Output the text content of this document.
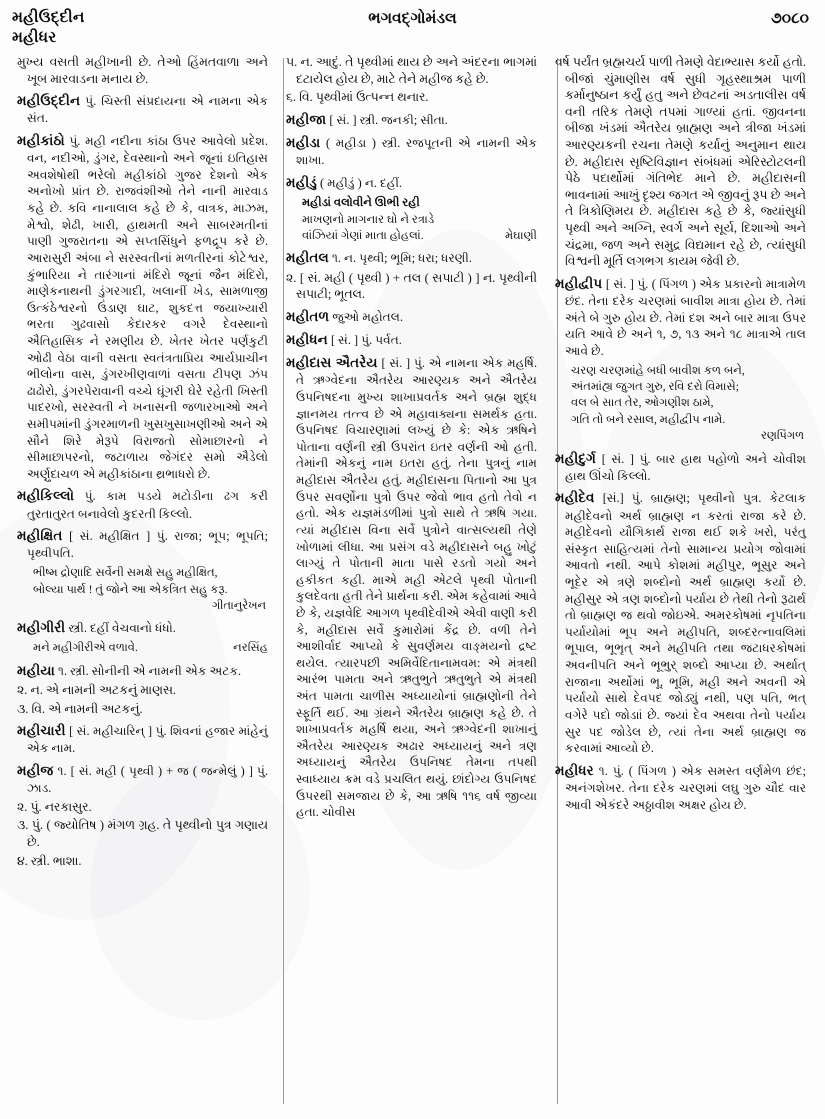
મહીઉદ્દીન
મહીધર
ભગવદ્ગોમંડલ	૭૦૮૦

મુખ્ય વસતી મહીખાની છે. તેઓ હિંમતવાળા અને ખૂબ મારવાડના મનાય છે.

મહીઉદ્દીન પું. ચિસ્તી સંપ્રદાયના એ નામના એક સંત.

મહીકાંઠો પું. મહી નદીના કાંઠા ઉપર આવેલો પ્રદેશ. વન, નદીઓ, ડુંગર, દેવસ્થાનો અને જૂનાં ઇતિહાસ અવશેષોથી ભરેલો મહીકાંઠો ગુજર દેશનો એક અનોખો પ્રાંત છે. રાજવંશીઓ તેને નાની મારવાડ કહે છે. કવિ નાનાલાલ કહે છે કે, વાત્રક, માઝમ, મેશ્વો, શેઢી, ખારી, હાથમતી અને સાબરમતીનાં પાણી ગુજરાતના એ સપ્તસિંધુને ફળદ્રૂપ કરે છે. આરાસુરી અંબા ને સરસ્વતીનાં મળતીરનાં કોટેશ્વર, કુંભારિયા ને તારંગાનાં મંદિરો જૂનાં જૈન મંદિરો, માણેકનાથની ડુંગરગાદી, ખલાનીં ખેડ, સામળાજી ઉત્કંઠેશ્વરનો ઉંડાણ ઘાટ, શુકદત્ત જયાખ્યારી ભરતા ગુઢવાસો કેદારકર વગરે દેવસ્થાનો ઐતિહાસિક ને રમણીય છે. ખેતર ખેતર પર્ણકુટી ઓઢી વેઠા વાની વસતા સ્વતંત્રતાપ્રિય આર્યપ્રાચીન ભીલોના વાસ, ડુંગરખીણવાળાં વસતા ટીપણ ઝંપ ઢાઢોરો, ડુંગરપેરાવાની વચ્ચે ઘૂંગરી ઘેરે રહેતી ખિસ્તી પાદરખો, સરસ્વતી ને ખનાસની જળારખાઓ અને સમીપમાંની ડુંગરમાળની ખુસખુસાખણીઓ અને એ સૌને શિરે મેરૂપે વિરાજતો સોમાછારનો ને સીમાછાપરનો, જટાળાય જેગંદર સમો ઐડેલો અર્ણુદાચળ એ મહીકાંઠાના થ્રભાધરો છે.

મહીકિલ્લો પું. કામ પડયે મટોડીના ઢગ કરી તુરતાતુરત બનાવેલો કુદરતી કિલ્લો.

મહીક્ષિત [ સં. મહીક્ષિત ] પું. રાજા; ભૂપ; ભૂપતિ; પૃથ્વીપતિ.

ભીષ્મ દ્રોણાદિ સર્વેની સમક્ષે સહુ મહીક્ષિત,
બોલ્યા પાર્થ ! તું જોને આ એકત્રિત સહુ કરૂ.
ગીતાનુરેખન

મહીગીરી સ્ત્રી. દહીં વેચવાનો ધંધો.

મને મહીગીરીએ વળાવે.	નરસિંહ

મહીયા ૧. સ્ત્રી. સોનીની એ નામની એક અટક.

૨. ન. એ નામની અટકનું માણસ.

૩. વિ. એ નામની અટકનું.

મહીચારી [ સં. મહીચારિન્ ] પું. શિવનાં હજાર માંહેનું એક નામ.

મહીજ ૧. [ સં. મહી ( પૃથ્વી ) + જ ( જન્મેલું ) ] પું. ઝાડ.

૨. પું. નરકાસુર.

૩. પું. ( જ્યોતિષ ) મંગળ ગ્રહ. તે પૃથ્વીનો પુત્ર ગણાય છે.

૪. સ્ત્રી. ભાશા.

૫. ન. આદું. તે પૃથ્વીમાં થાય છે અને અંદરના ભાગમાં દટાયેલ હોય છે, માટે તેને મહીજ કહે છે.

૬. વિ. પૃથ્વીમાં ઉત્પન્ન થનાર.

મહીજા [ સં. ] સ્ત્રી. જનકી; સીતા.

મહીડા ( મહીડા ) સ્ત્રી. રજપૂતની એ નામની એક શાખા.

મહીડું ( મહીડું ) ન. દહીં.

મહીડાં વલોવીને ઊભી રહી
માખણનો માગનાર ઘો ને રત્રાડે
વાંઝિયાં ગેણાં માતા હોહલાં.	મેઘાણી

મહીતલ ૧. ન. પૃથ્વી; ભૂમિ; ધરા; ધરણી.

૨. [ સં. મહી ( પૃથ્વી ) + તલ ( સપાટી ) ] ન. પૃથ્વીની સપાટી; ભૂતલ.

મહીતળ જુઓ મહોતલ.

મહીધન [ સં. ] પું. પર્વત.

મહીદાસ ઐતરેય [ સં. ] પું. એ નામના એક મહર્ષિ. તે ઋગ્વેદના ઐતરેય આરણ્યક અને ઐતરેય ઉપનિષદના મુખ્ય શાખાપ્રવર્તક અને બ્રહ્મ શુદ્ધ જ્ઞાનમય તત્ત્વ છે એ મહાવાક્યના સમર્થક હતા. ઉપનિષદ વિચારણામાં લખ્યું છે કે: એક ઋષિને પોતાના વર્ણની સ્ત્રી ઉપરાંત ઇતર વર્ણની ઓ હતી. તેમાંની એકનું નામ ઇતરા હતું. તેના પુત્રનું નામ મહીદાસ ઐતરેય હતું. મહીદાસના પિતાનો આ પુત્ર ઉપર સવર્ણોના પુત્રો ઉપર જેવો ભાવ હતો તેવો ન હતો. એક યજ્ઞમંડળીમાં પુત્રો સાથે તે ઋષિ ગયા. ત્યાં મહીદાસ વિના સર્વે પુત્રોને વાત્સલ્યથી તેણે ખોળામાં લીધા. આ પ્રસંગ વડે મહીદાસને બહુ ખોટું લાગ્યું તે પોતાની માતા પાસે રડતો ગયો અને હકીકત કહી. માએ મહી એટલે પૃથ્વી પોતાની કુલદેવતા હતી તેને પ્રાર્થના કરી. એમ કહેવામાં આવે છે કે, યજ્ઞવેદિ આગળ પૃથ્વીદેવીએ એવી વાણી કરી કે, મહીદાસ સર્વે કુમારોમાં કેંદ્ર છે. વળી તેને આશીર્વાદ આપ્યો કે સુવર્ણમય વાઙ્મયનો દ્રષ્ટ થયેલ. ત્યારપછી અમિર્વેદિતાનામવમ: એ મંત્રથી આરંભ પામતા અને ઋતુભુતે ઋતુભુતે એ મંત્રથી અંત પામતા ચાળીસ અધ્યાયોનાં બ્રાહ્મણોની તેને સ્ફૂર્તિ થઈ. આ ગ્રંથને ઐતરેય બ્રાહ્મણ કહે છે. તે શાખાપ્રવર્તક મહર્ષિ થયા, અને ઋગ્વેદની શાખાનું ઐતરેય આરણ્યક અઢાર અધ્યાયનું અને ત્રણ અધ્યાયનું ઐતરેય ઉપનિષદ તેમના તપથી સ્વાધ્યાય ક્રમ વડે પ્રચલિત થયું. છાંદોગ્ય ઉપનિષદ ઉપરથી સમજાય છે કે, આ ઋષિ ૧૧૬ વર્ષ જીવ્યા હતા. ચોવીસ

વર્ષ પર્યંત બ્રહ્મચર્ય પાળી તેમણે વેદાભ્યાસ કર્યો હતો. બીજાં ચુંમાણીસ વર્ષ સુધી ગૃહસ્થાશ્રમ પાળી કર્માનુષ્ઠાન કર્યું હતુ અને છેવટનાં અડતાલીસ વર્ષ વની તરિક તેમણે તપમાં ગાળ્યાં હતાં. જીવનના બીજા ખંડમાં ઐતરેય બ્રાહ્મણ અને ત્રીજા ખંડમાં આરણ્યકની રચના તેમણે કર્યાનું અનુમાન થાય છે. મહીદાસ સૃષ્ટિવિજ્ઞાન સંબંધમાં એરિસ્ટોટલની પેઠે પદાર્થોમાં ગંતિભેદ માને છે. મહીદાસની ભાવનામાં આખું દૃશ્ય જગત એ જીવનું રૂપ છે અને તે ત્રિકોણિમય છે. મહીદાસ કહે છે કે, જ્યાંસુધી પૃથ્વી અને અગ્નિ, સ્વર્ગ અને સૂર્ય, દિશાઓ અને ચંદ્રમા, જળ અને સમુદ્ર વિદ્યમાન રહે છે, ત્યાંસુધી વિશ્વની મૂર્તિ લગભગ કાયમ જેવી છે.

મહીદ્વીપ [ સં. ] પું. ( પિંગળ ) એક પ્રકારનો માત્રામેળ છંદ. તેના દરેક ચરણમાં બાવીશ માત્રા હોય છે. તેમાં અંતે બે ગુરુ હોય છે. તેમાં દશ અને બાર માત્રા ઉપર યતિ આવે છે અને ૧, ૭, ૧૩ અને ૧૮ માત્રાએ તાલ આવે છે.

ચરણ ચરણમાંહે બધી બાવીશ કળ બને,
અંતમાંહ્ય જુગત ગુરુ, રવિ દરો વિમાસે;
વલ બે સાત તેર, ઓગણીશ ઠામે,
ગતિ તો બને રસાલ, મહીદ્વીપ નામે.
રણપિંગળ

મહીદુર્ગ [ સં. ] પું. બાર હાથ પહોળો અને ચોવીશ હાથ ઊંચો કિલ્લો.

મહીદેવ [સં.] પું. બ્રાહ્મણ; પૃથ્વીનો પુત્ર. કેટલાક મહીદેવનો અર્થ બ્રાહ્મણ ન કરતાં રાજા કરે છે. મહીદેવનો યૌગિકાર્થ રાજા થઈ શકે ખરો, પરંતુ સંસ્કૃત સાહિત્યમાં તેનો સામાન્ય પ્રયોગ જોવામાં આવતો નથી. આપે કોશમાં મહીપુર, ભૂસુર અને ભૂદેર એ ત્રણે શબ્દોનો અર્થ બ્રાહ્મણ કર્યો છે. મહીસુર એ ત્રણ શબ્દોનો પર્યાય છે તેથી તેનો રૂઢાર્થ તો બ્રાહ્મણ જ થવો જોઇએ. અમરકોષમાં નૃપતિના પર્યાયોમાં ભૂપ અને મહીપતિ, શબ્દરત્નાવલિમાં ભૂપાલ, ભૂભૃત્ અને મહીપતિ તથા જટાધરકોષમાં અવનીપતિ અને ભૂભુર્ શબ્દો આપ્યા છે. અર્થાત્ રાજાના અર્થોમાં ભૂ, ભૂમિ, મહી અને અવની એ પર્યાયો સાથે દેવપદ જોડ્યું નથી, પણ પતિ, ભત્ વગેરે પદો જોડાાં છે. જ્યાં દેવ અથવા તેનો પર્યાય સુર પદ જોડેલ છે, ત્યાં તેના અર્થ બ્રાહ્મણ જ કરવામાં આવ્યો છે.

મહીધર ૧. પું. ( પિંગળ ) એક સમસ્ત વર્ણમેળ છંદ; અનંગશેખર. તેના દરેક ચરણમાં લઘુ ગુરુ ચૌદ વાર આવી એકંદરે અઠ્ઠાવીશ અક્ષર હોય છે.
